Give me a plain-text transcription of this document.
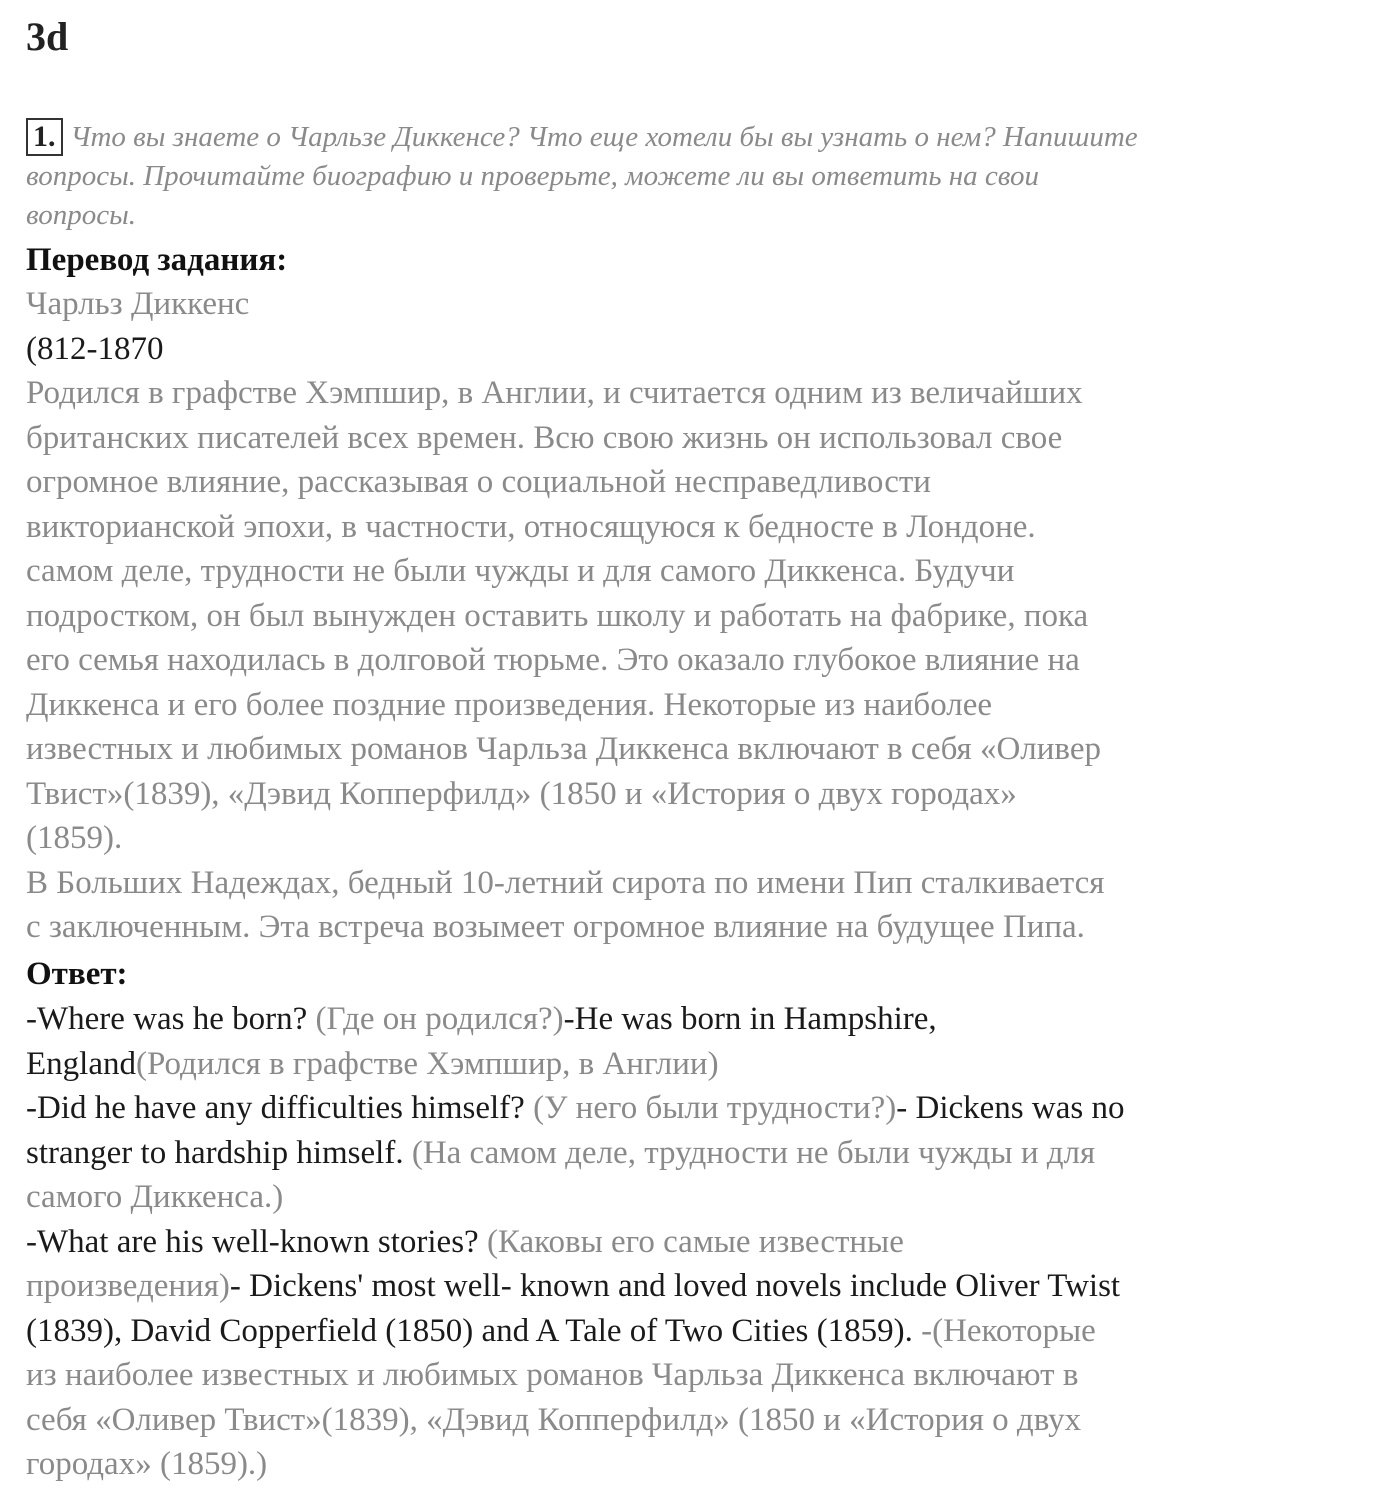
3d
1. Что вы знаете о Чарльзе Диккенсе? Что еще хотели бы вы узнать о нем? Напишите
вопросы. Прочитайте биографию и проверьте, можете ли вы ответить на свои
вопросы.
Перевод задания:
Чарльз Диккенс
(812-1870
Родился в графстве Хэмпшир, в Англии, и считается одним из величайших
британских писателей всех времен. Всю свою жизнь он использовал свое
огромное влияние, рассказывая о социальной несправедливости
викторианской эпохи, в частности, относящуюся к бедносте в Лондоне.
самом деле, трудности не были чужды и для самого Диккенса. Будучи
подростком, он был вынужден оставить школу и работать на фабрике, пока
его семья находилась в долговой тюрьме. Это оказало глубокое влияние на
Диккенса и его более поздние произведения. Некоторые из наиболее
известных и любимых романов Чарльза Диккенса включают в себя «Оливер
Твист»(1839), «Дэвид Копперфилд» (1850 и «История о двух городах»
(1859).
В Больших Надеждах, бедный 10-летний сирота по имени Пип сталкивается
с заключенным. Эта встреча возымеет огромное влияние на будущее Пипа.
Ответ:
-Where was he born? (Где он родился?)-He was born in Hampshire,
England(Родился в графстве Хэмпшир, в Англии)
-Did he have any difficulties himself? (У него были трудности?)- Dickens was no
stranger to hardship himself. (На самом деле, трудности не были чужды и для
самого Диккенса.)
-What are his well-known stories? (Каковы его самые известные
произведения)- Dickens' most well- known and loved novels include Oliver Twist
(1839), David Copperfield (1850) and A Tale of Two Cities (1859). -(Некоторые
из наиболее известных и любимых романов Чарльза Диккенса включают в
себя «Оливер Твист»(1839), «Дэвид Копперфилд» (1850 и «История о двух
городах» (1859).)
